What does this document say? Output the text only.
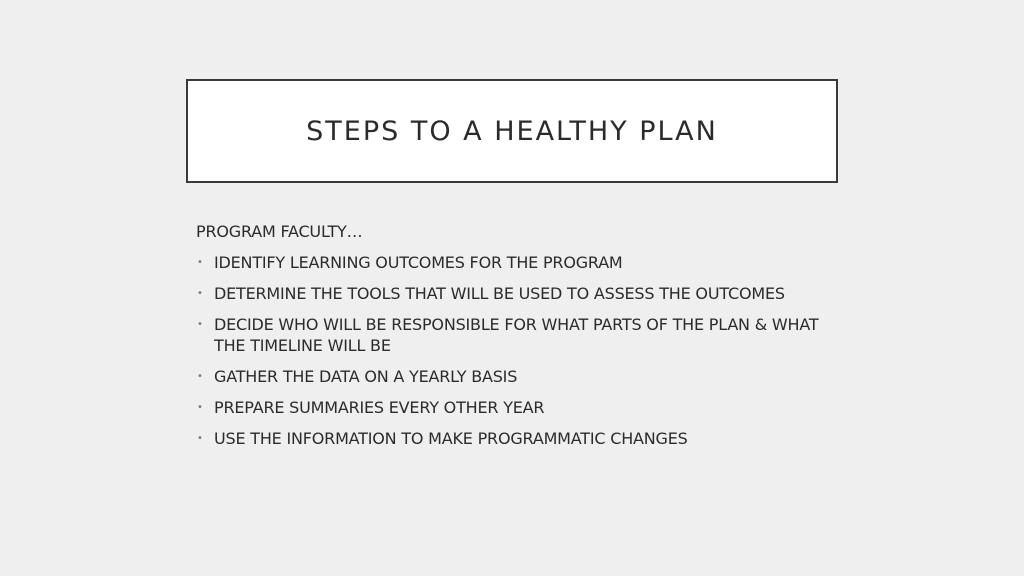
STEPS TO A HEALTHY PLAN

PROGRAM FACULTY…

• IDENTIFY LEARNING OUTCOMES FOR THE PROGRAM
• DETERMINE THE TOOLS THAT WILL BE USED TO ASSESS THE OUTCOMES
• DECIDE WHO WILL BE RESPONSIBLE FOR WHAT PARTS OF THE PLAN & WHAT THE TIMELINE WILL BE
• GATHER THE DATA ON A YEARLY BASIS
• PREPARE SUMMARIES EVERY OTHER YEAR
• USE THE INFORMATION TO MAKE PROGRAMMATIC CHANGES
